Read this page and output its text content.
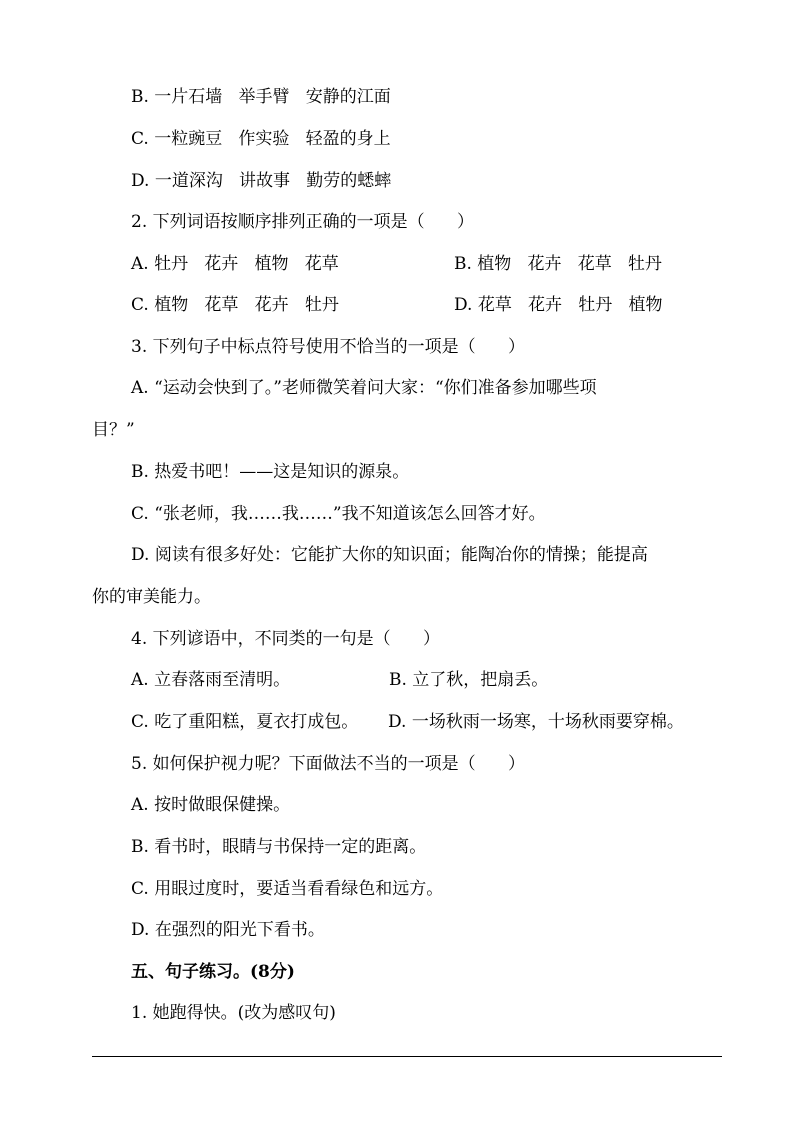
B. 一片石墙   举手臂   安静的江面
C. 一粒豌豆   作实验   轻盈的身上
D. 一道深沟   讲故事   勤劳的蟋蟀
2. 下列词语按顺序排列正确的一项是（      ）
A. 牡丹   花卉   植物   花草	B. 植物   花卉   花草   牡丹
C. 植物   花草   花卉   牡丹	D. 花草   花卉   牡丹   植物
3. 下列句子中标点符号使用不恰当的一项是（      ）
A. “运动会快到了。”老师微笑着问大家：“你们准备参加哪些项
目？”
B. 热爱书吧！——这是知识的源泉。
C. “张老师，我……我……”我不知道该怎么回答才好。
D. 阅读有很多好处：它能扩大你的知识面；能陶冶你的情操；能提高
你的审美能力。
4. 下列谚语中，不同类的一句是（      ）
A. 立春落雨至清明。	B. 立了秋，把扇丢。
C. 吃了重阳糕，夏衣打成包。 D. 一场秋雨一场寒，十场秋雨要穿棉。
5. 如何保护视力呢？下面做法不当的一项是（      ）
A. 按时做眼保健操。
B. 看书时，眼睛与书保持一定的距离。
C. 用眼过度时，要适当看看绿色和远方。
D. 在强烈的阳光下看书。
五、句子练习。(8分)
1. 她跑得快。(改为感叹句)
